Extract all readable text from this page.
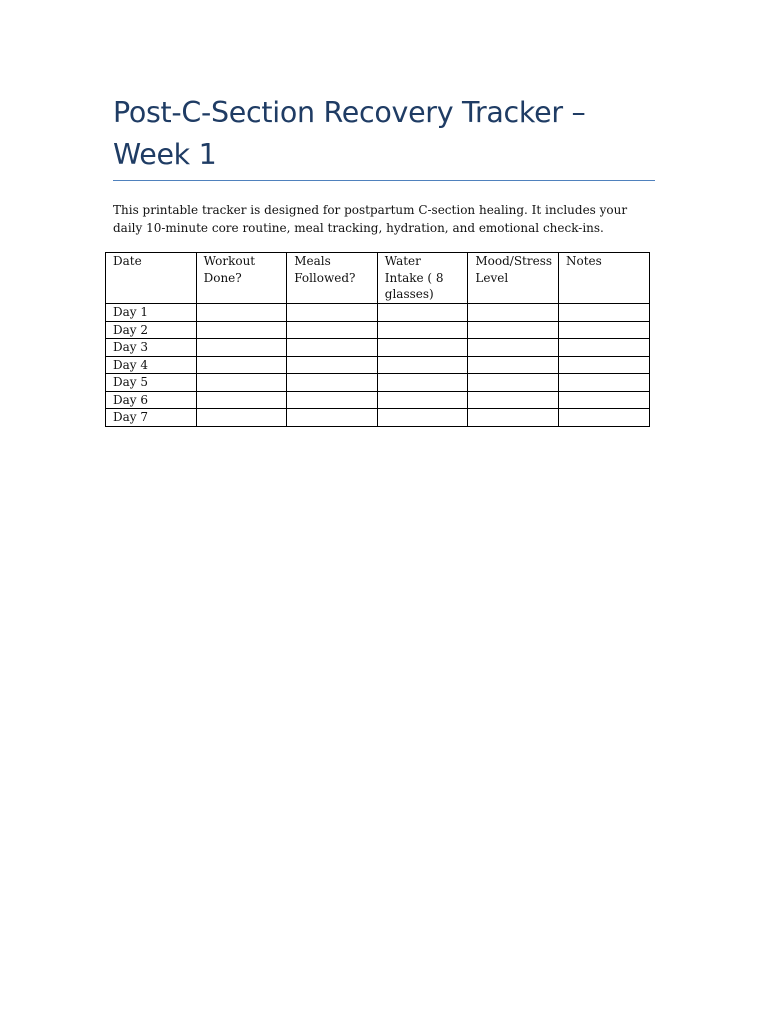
Post-C-Section Recovery Tracker – Week 1

This printable tracker is designed for postpartum C-section healing. It includes your daily 10-minute core routine, meal tracking, hydration, and emotional check-ins.

Date	Workout Done?	Meals Followed?	Water Intake ( 8 glasses)	Mood/Stress Level	Notes
Day 1					
Day 2					
Day 3					
Day 4					
Day 5					
Day 6					
Day 7					
